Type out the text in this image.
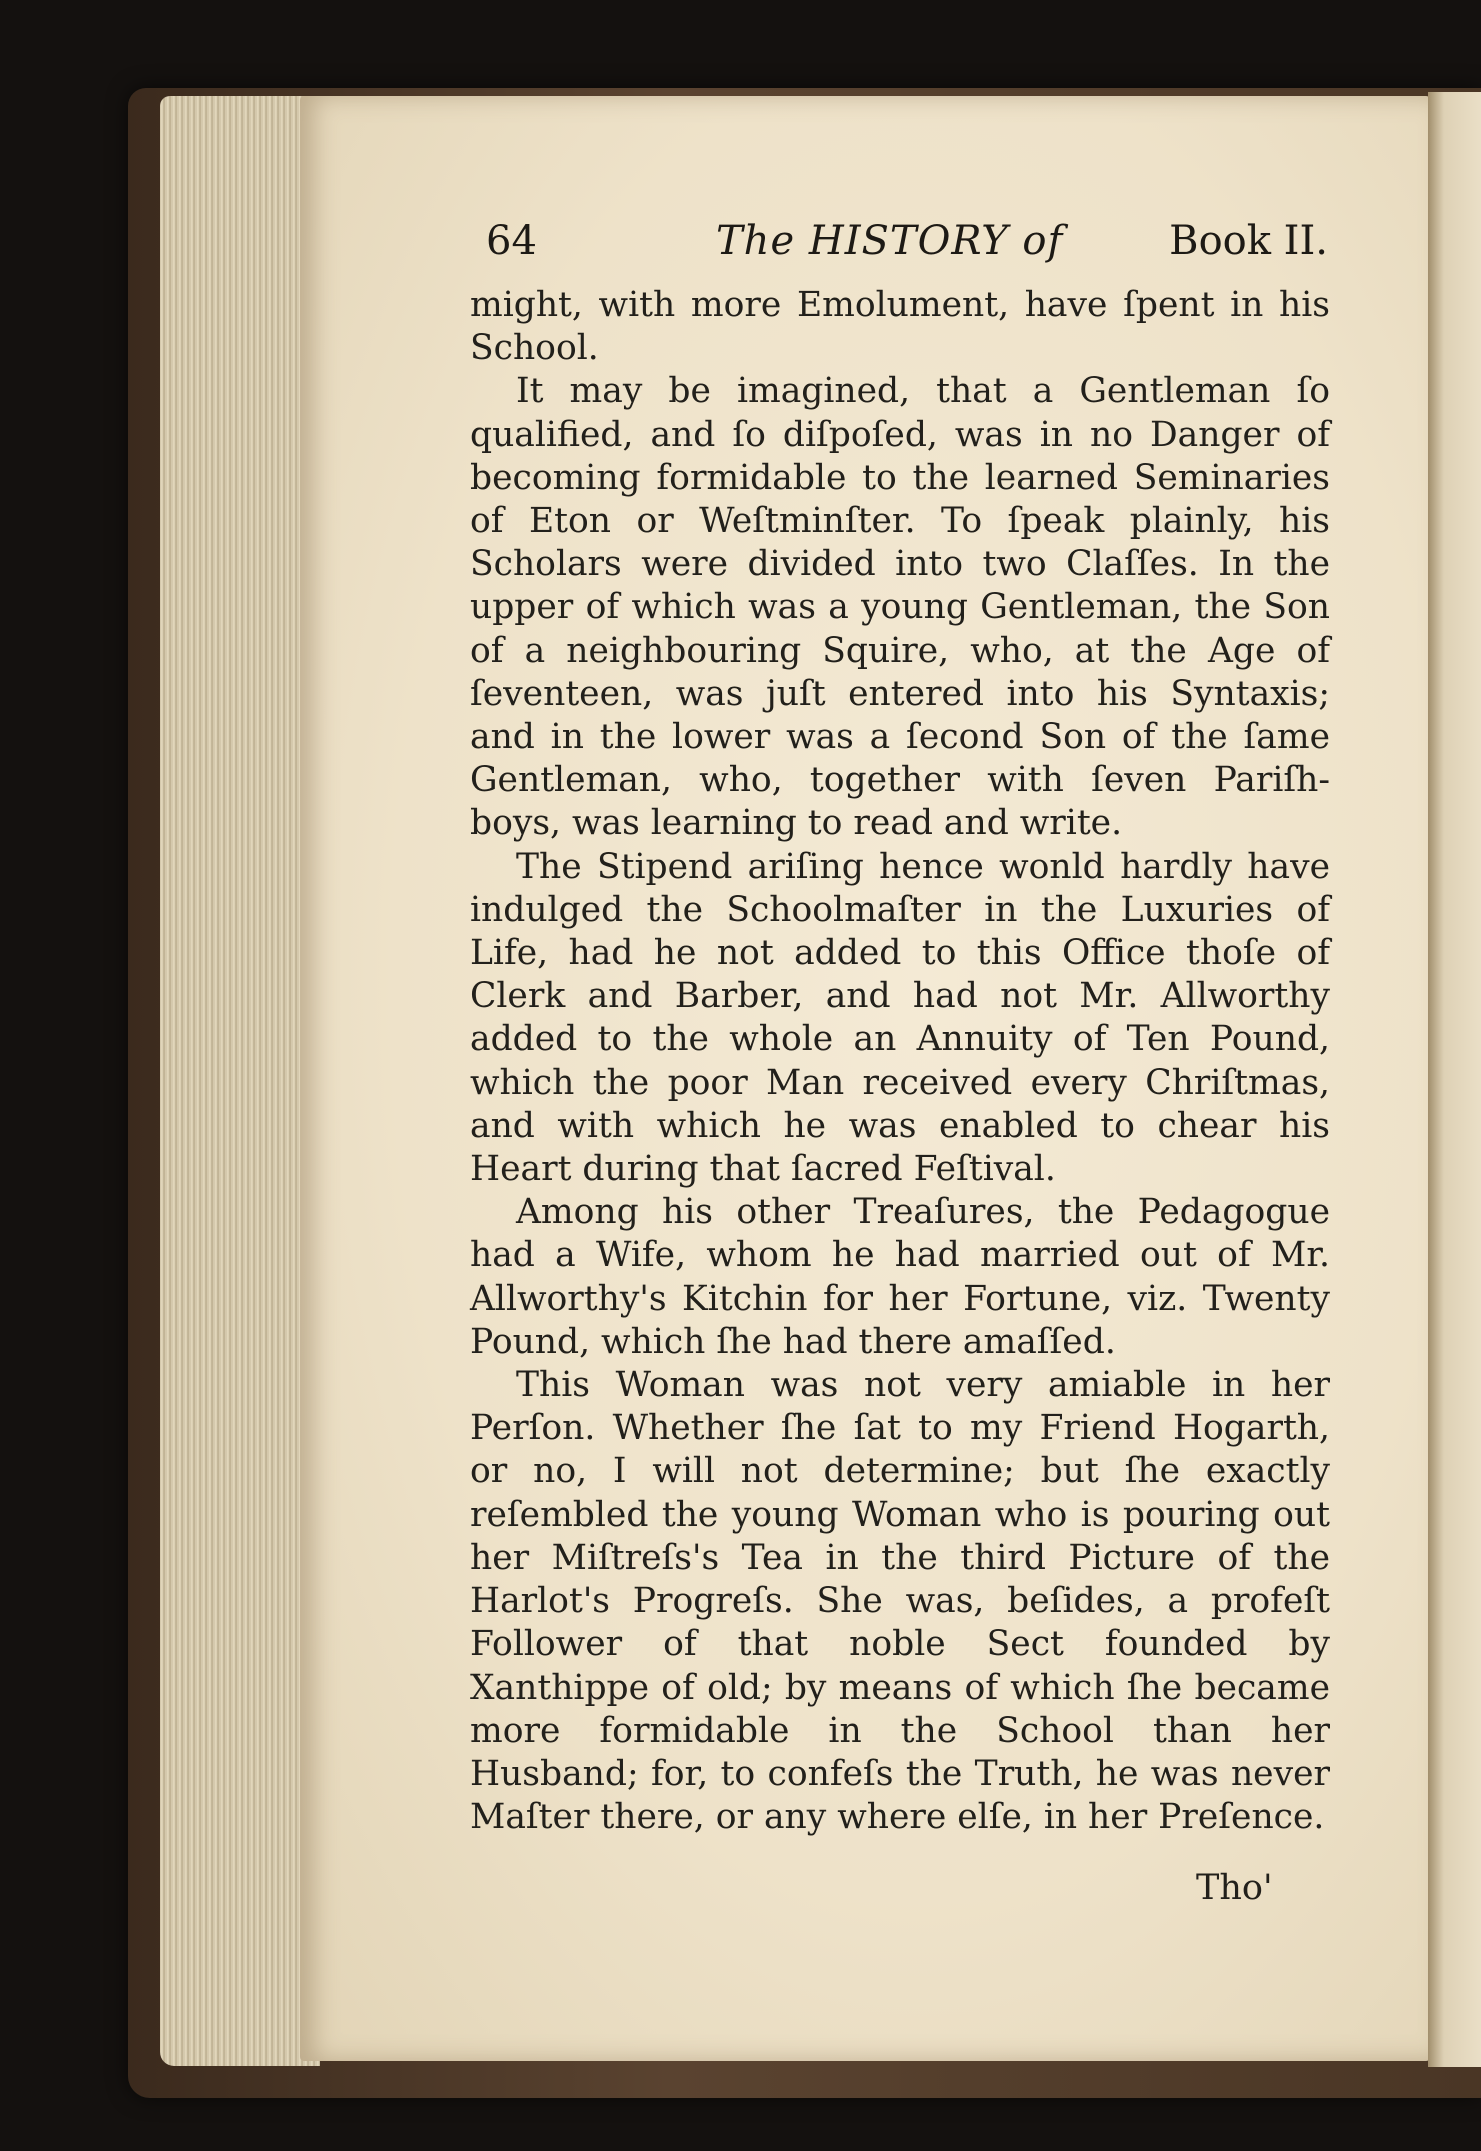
64	The HISTORY of	Book II.

might, with more Emolument, have ſpent in his School.

It may be imagined, that a Gentleman ſo qualified, and ſo diſpoſed, was in no Danger of becoming formidable to the learned Seminaries of Eton or Weſtminſter. To ſpeak plainly, his Scholars were divided into two Claſſes. In the upper of which was a young Gentleman, the Son of a neighbouring Squire, who, at the Age of ſeventeen, was juſt entered into his Syntaxis; and in the lower was a ſecond Son of the ſame Gentleman, who, together with ſeven Pariſh-boys, was learning to read and write.

The Stipend ariſing hence wonld hardly have indulged the Schoolmaſter in the Luxuries of Life, had he not added to this Office thoſe of Clerk and Barber, and had not Mr. Allworthy added to the whole an Annuity of Ten Pound, which the poor Man received every Chriſtmas, and with which he was enabled to chear his Heart during that ſacred Feſtival.

Among his other Treaſures, the Pedagogue had a Wife, whom he had married out of Mr. Allworthy's Kitchin for her Fortune, viz. Twenty Pound, which ſhe had there amaſſed.

This Woman was not very amiable in her Perſon. Whether ſhe ſat to my Friend Hogarth, or no, I will not determine; but ſhe exactly reſembled the young Woman who is pouring out her Miſtreſs's Tea in the third Picture of the Harlot's Progreſs. She was, beſides, a profeſt Follower of that noble Sect founded by Xanthippe of old; by means of which ſhe became more formidable in the School than her Husband; for, to confeſs the Truth, he was never Maſter there, or any where elſe, in her Preſence.

Tho'
